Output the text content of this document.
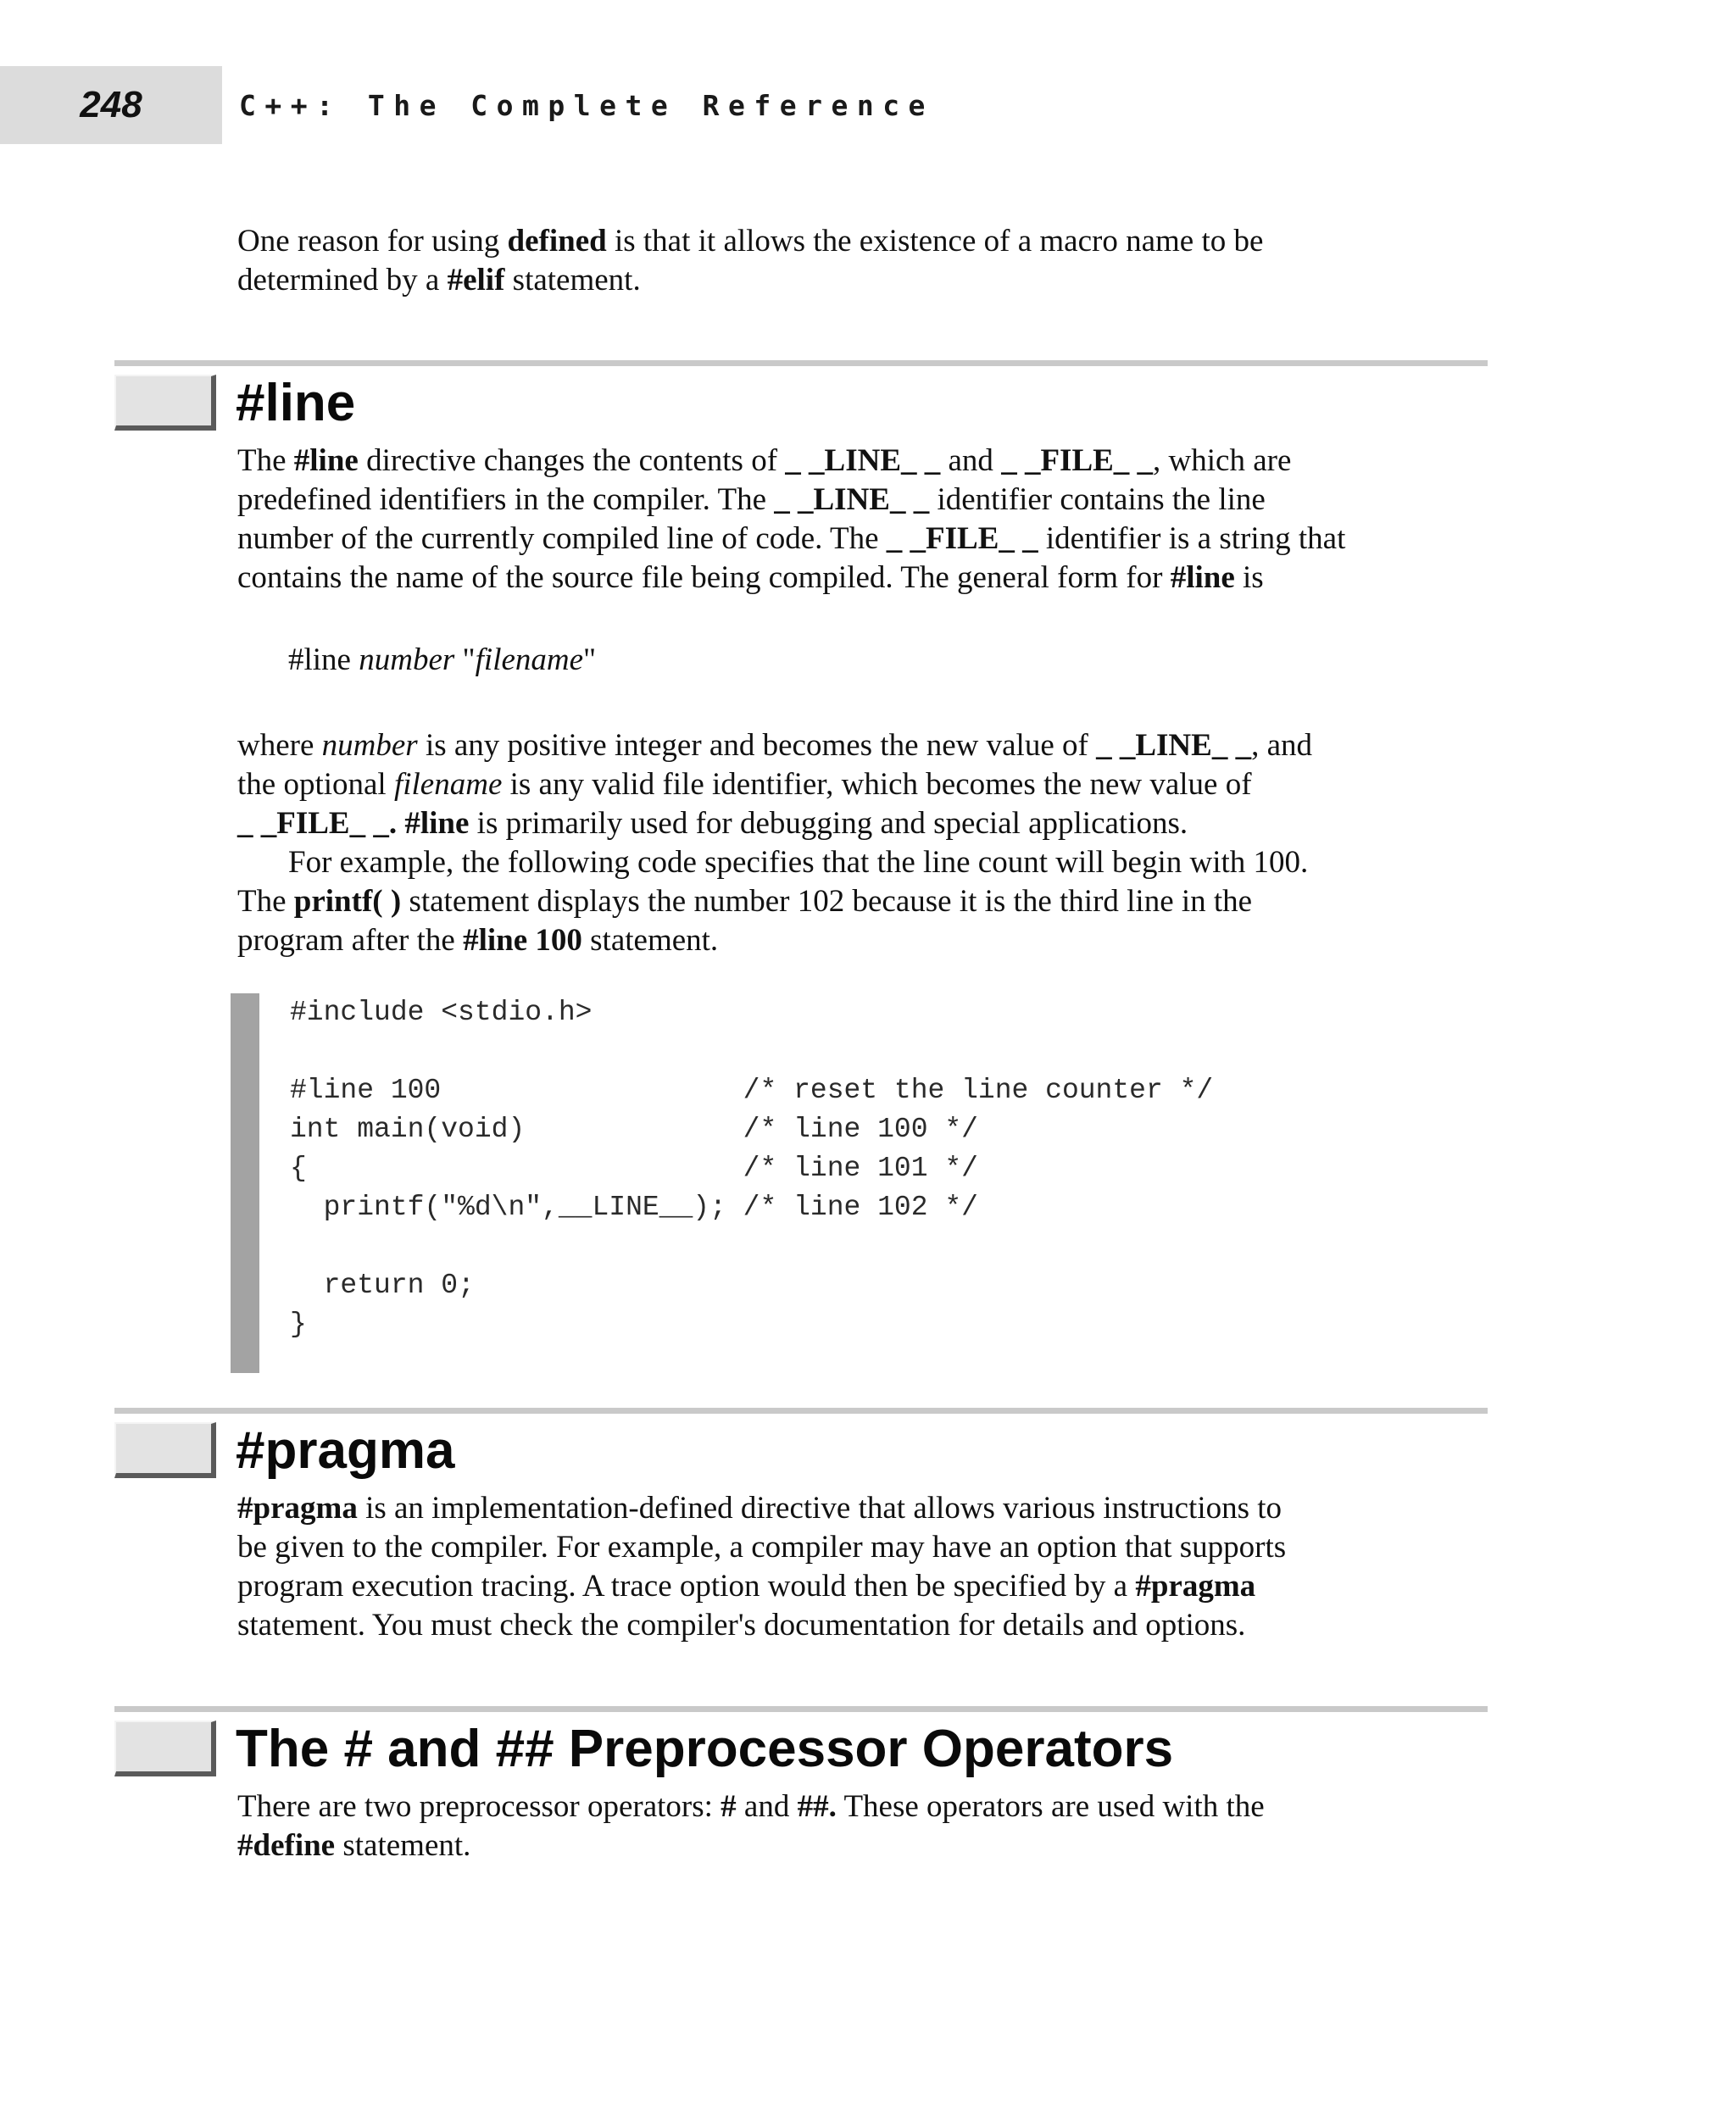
248	C++: The Complete Reference

One reason for using defined is that it allows the existence of a macro name to be
determined by a #elif statement.

#line

The #line directive changes the contents of _ _LINE_ _ and _ _FILE_ _, which are
predefined identifiers in the compiler. The _ _LINE_ _ identifier contains the line
number of the currently compiled line of code. The _ _FILE_ _ identifier is a string that
contains the name of the source file being compiled. The general form for #line is

#line number "filename"

where number is any positive integer and becomes the new value of _ _LINE_ _, and
the optional filename is any valid file identifier, which becomes the new value of
_ _FILE_ _. #line is primarily used for debugging and special applications.
For example, the following code specifies that the line count will begin with 100.
The printf( ) statement displays the number 102 because it is the third line in the
program after the #line 100 statement.

#include <stdio.h>
#line 100                  /* reset the line counter */
int main(void)             /* line 100 */
{                          /* line 101 */
printf("%d\n",__LINE__); /* line 102 */
return 0;
}
#pragma

#pragma is an implementation-defined directive that allows various instructions to
be given to the compiler. For example, a compiler may have an option that supports
program execution tracing. A trace option would then be specified by a #pragma
statement. You must check the compiler's documentation for details and options.

The # and ## Preprocessor Operators

There are two preprocessor operators: # and ##. These operators are used with the
#define statement.
